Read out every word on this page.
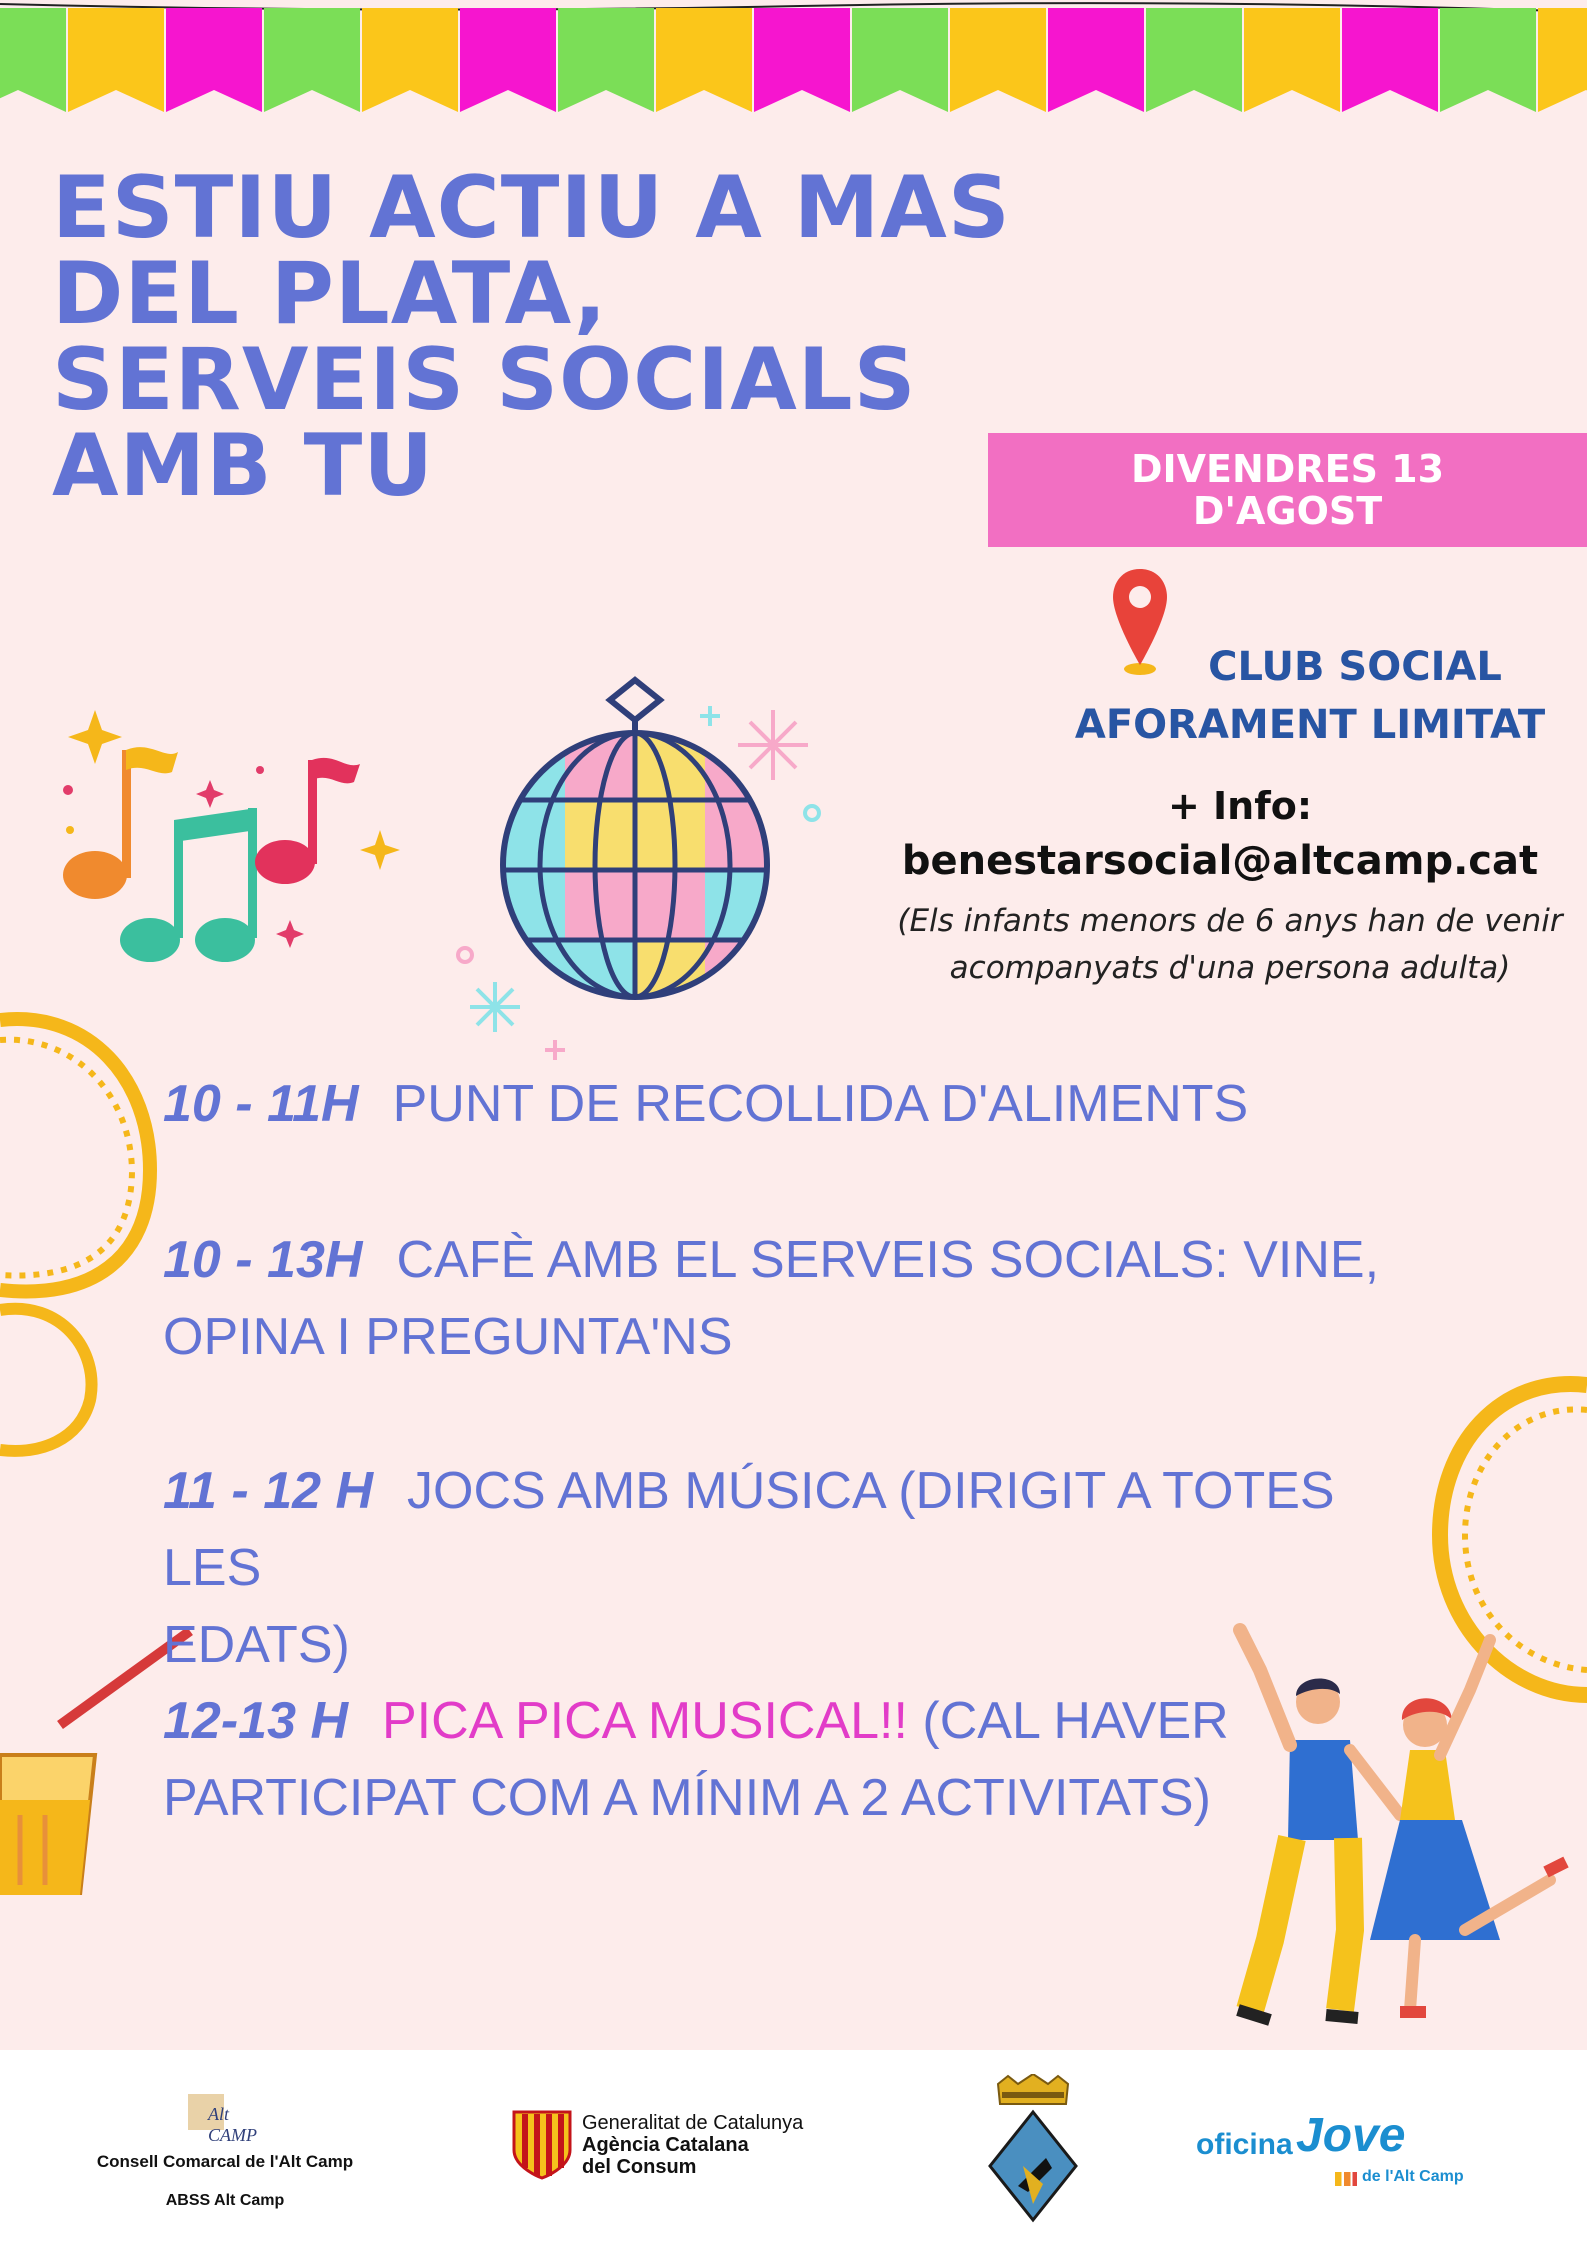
ESTIU ACTIU A MAS
DEL PLATA,
SERVEIS SOCIALS
AMB TU	DIVENDRES 13
D'AGOST
CLUB SOCIAL
AFORAMENT LIMITAT
+ Info:
benestarsocial@altcamp.cat
(Els infants menors de 6 anys han de venir
acompanyats d'una persona adulta)
10 - 11H PUNT DE RECOLLIDA D'ALIMENTS
10 - 13H CAFÈ AMB EL SERVEIS SOCIALS: VINE,
OPINA I PREGUNTA'NS
11 - 12 H JOCS AMB MÚSICA (DIRIGIT A TOTES LES
EDATS)
12-13 H PICA PICA MUSICAL!! (CAL HAVER
PARTICIPAT COM A MÍNIM A 2 ACTIVITATS)
Alt CAMP
Consell Comarcal de l'Alt Camp
ABSS Alt Camp
Generalitat de Catalunya
Agència Catalana
del Consum
oficina Jove
de l'Alt Camp
